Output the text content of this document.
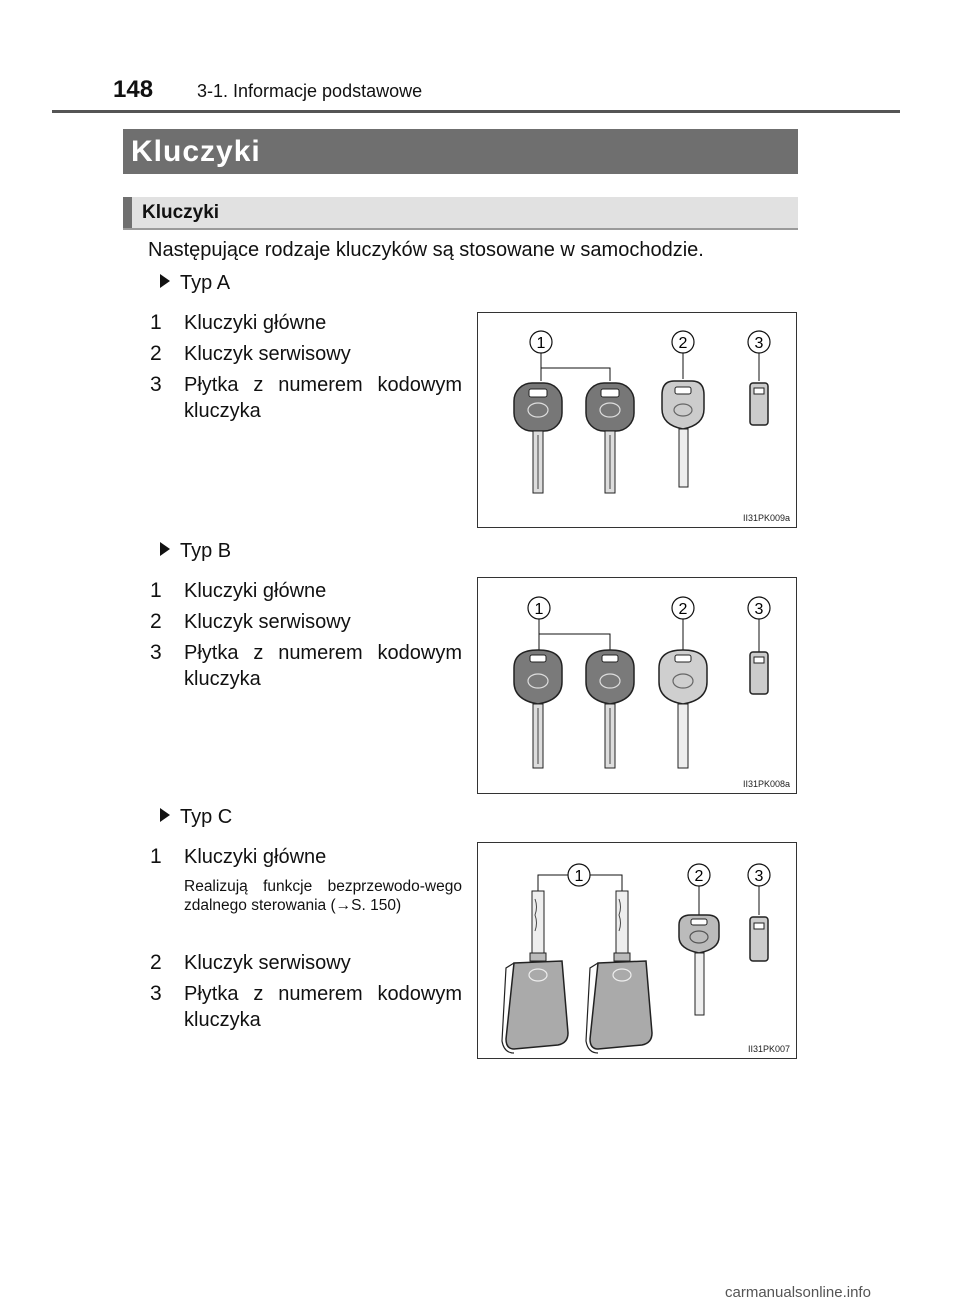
148 3-1. Informacje podstawowe
Kluczyki
Kluczyki
Następujące rodzaje kluczyków są stosowane w samochodzie.
Typ A
1	Kluczyki główne
2	Kluczyk serwisowy
3	Płytka z numerem kodowym kluczyka
1	2	3
II31PK009a
Typ B
1	Kluczyki główne
2	Kluczyk serwisowy
3	Płytka z numerem kodowym kluczyka
1	2	3
II31PK008a
Typ C
1	Kluczyki główne
Realizują funkcje bezprzewodo-wego zdalnego sterowania (→S. 150)
2	Kluczyk serwisowy
3	Płytka z numerem kodowym kluczyka
1	2	3
II31PK007
carmanualsonline.info
